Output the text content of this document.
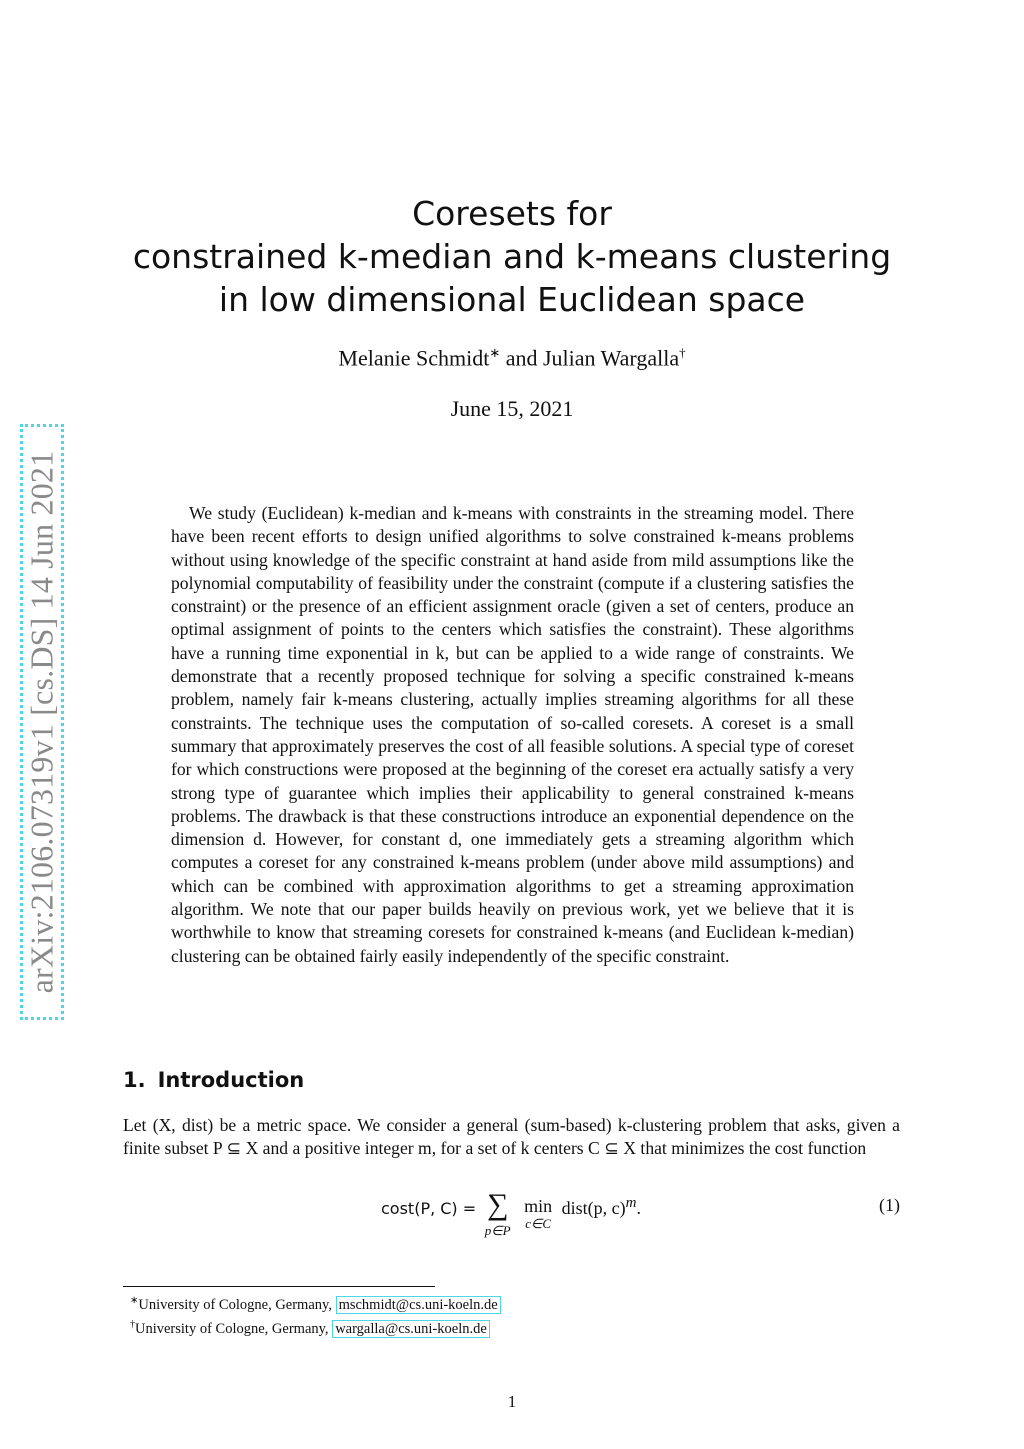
arXiv:2106.07319v1 [cs.DS] 14 Jun 2021
Coresets for
constrained k-median and k-means clustering
in low dimensional Euclidean space
Melanie Schmidt∗ and Julian Wargalla†
June 15, 2021

We study (Euclidean) k-median and k-means with constraints in the streaming model. There have been recent efforts to design unified algorithms to solve constrained k-means problems without using knowledge of the specific constraint at hand aside from mild assumptions like the polynomial computability of feasibility under the constraint (compute if a clustering satisfies the constraint) or the presence of an efficient assignment oracle (given a set of centers, produce an optimal assignment of points to the centers which satisfies the constraint). These algorithms have a running time exponential in k, but can be applied to a wide range of constraints. We demonstrate that a recently proposed technique for solving a specific constrained k-means problem, namely fair k-means clustering, actually implies streaming algorithms for all these constraints. The technique uses the computation of so-called coresets. A coreset is a small summary that approximately preserves the cost of all feasible solutions. A special type of coreset for which constructions were proposed at the beginning of the coreset era actually satisfy a very strong type of guarantee which implies their applicability to general constrained k-means problems. The drawback is that these constructions introduce an exponential dependence on the dimension d. However, for constant d, one immediately gets a streaming algorithm which computes a coreset for any constrained k-means problem (under above mild assumptions) and which can be combined with approximation algorithms to get a streaming approximation algorithm. We note that our paper builds heavily on previous work, yet we believe that it is worthwhile to know that streaming coresets for constrained k-means (and Euclidean k-median) clustering can be obtained fairly easily independently of the specific constraint.

1. Introduction

Let (X, dist) be a metric space. We consider a general (sum-based) k-clustering problem that asks, given a finite subset P ⊆ X and a positive integer m, for a set of k centers C ⊆ X that minimizes the cost function

cost(P, C) = ∑
p∈P

min
c∈C
dist(p, c)$^m$.	(1)
∗University of Cologne, Germany, mschmidt@cs.uni-koeln.de
†University of Cologne, Germany, wargalla@cs.uni-koeln.de
1
